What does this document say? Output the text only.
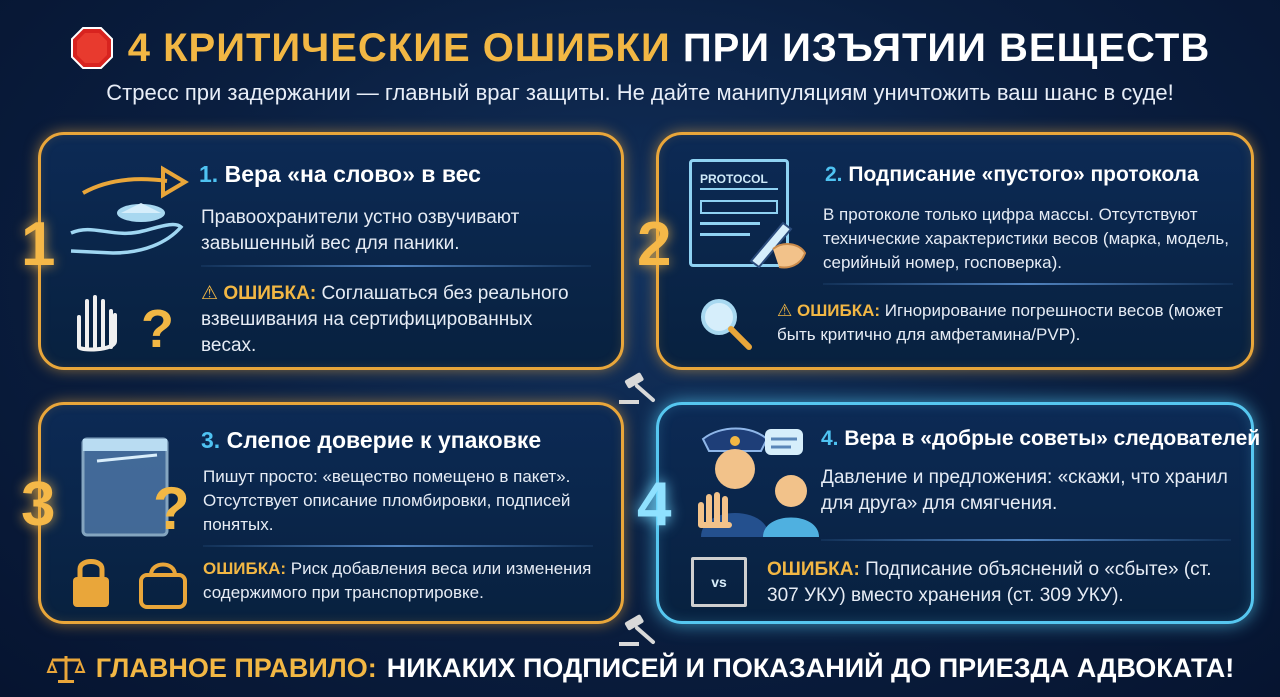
4 КРИТИЧЕСКИЕ ОШИБКИ ПРИ ИЗЪЯТИИ ВЕЩЕСТВ
Стресс при задержании — главный враг защиты. Не дайте манипуляциям уничтожить ваш шанс в суде!
1
?
1. Вера «на слово» в вес
Правоохранители устно озвучивают завышенный вес для паники.
⚠ ОШИБКА: Соглашаться без реального взвешивания на сертифицированных весах.
2
PROTOCOL	2. Подписание «пустого» протокола
В протоколе только цифра массы. Отсутствуют технические характеристики весов (марка, модель, серийный номер, госповерка).
⚠ ОШИБКА: Игнорирование погрешности весов (может быть критично для амфетамина/PVP).
3 ?
3. Слепое доверие к упаковке
Пишут просто: «вещество помещено в пакет». Отсутствует описание пломбировки, подписей понятых.
ОШИБКА: Риск добавления веса или изменения содержимого при транспортировке.
4
vs
4. Вера в «добрые советы» следователей
Давление и предложения: «скажи, что хранил для друга» для смягчения.
ОШИБКА: Подписание объяснений о «сбыте» (ст. 307 УКУ) вместо хранения (ст. 309 УКУ).
ГЛАВНОЕ ПРАВИЛО: НИКАКИХ ПОДПИСЕЙ И ПОКАЗАНИЙ ДО ПРИЕЗДА АДВОКАТА!
